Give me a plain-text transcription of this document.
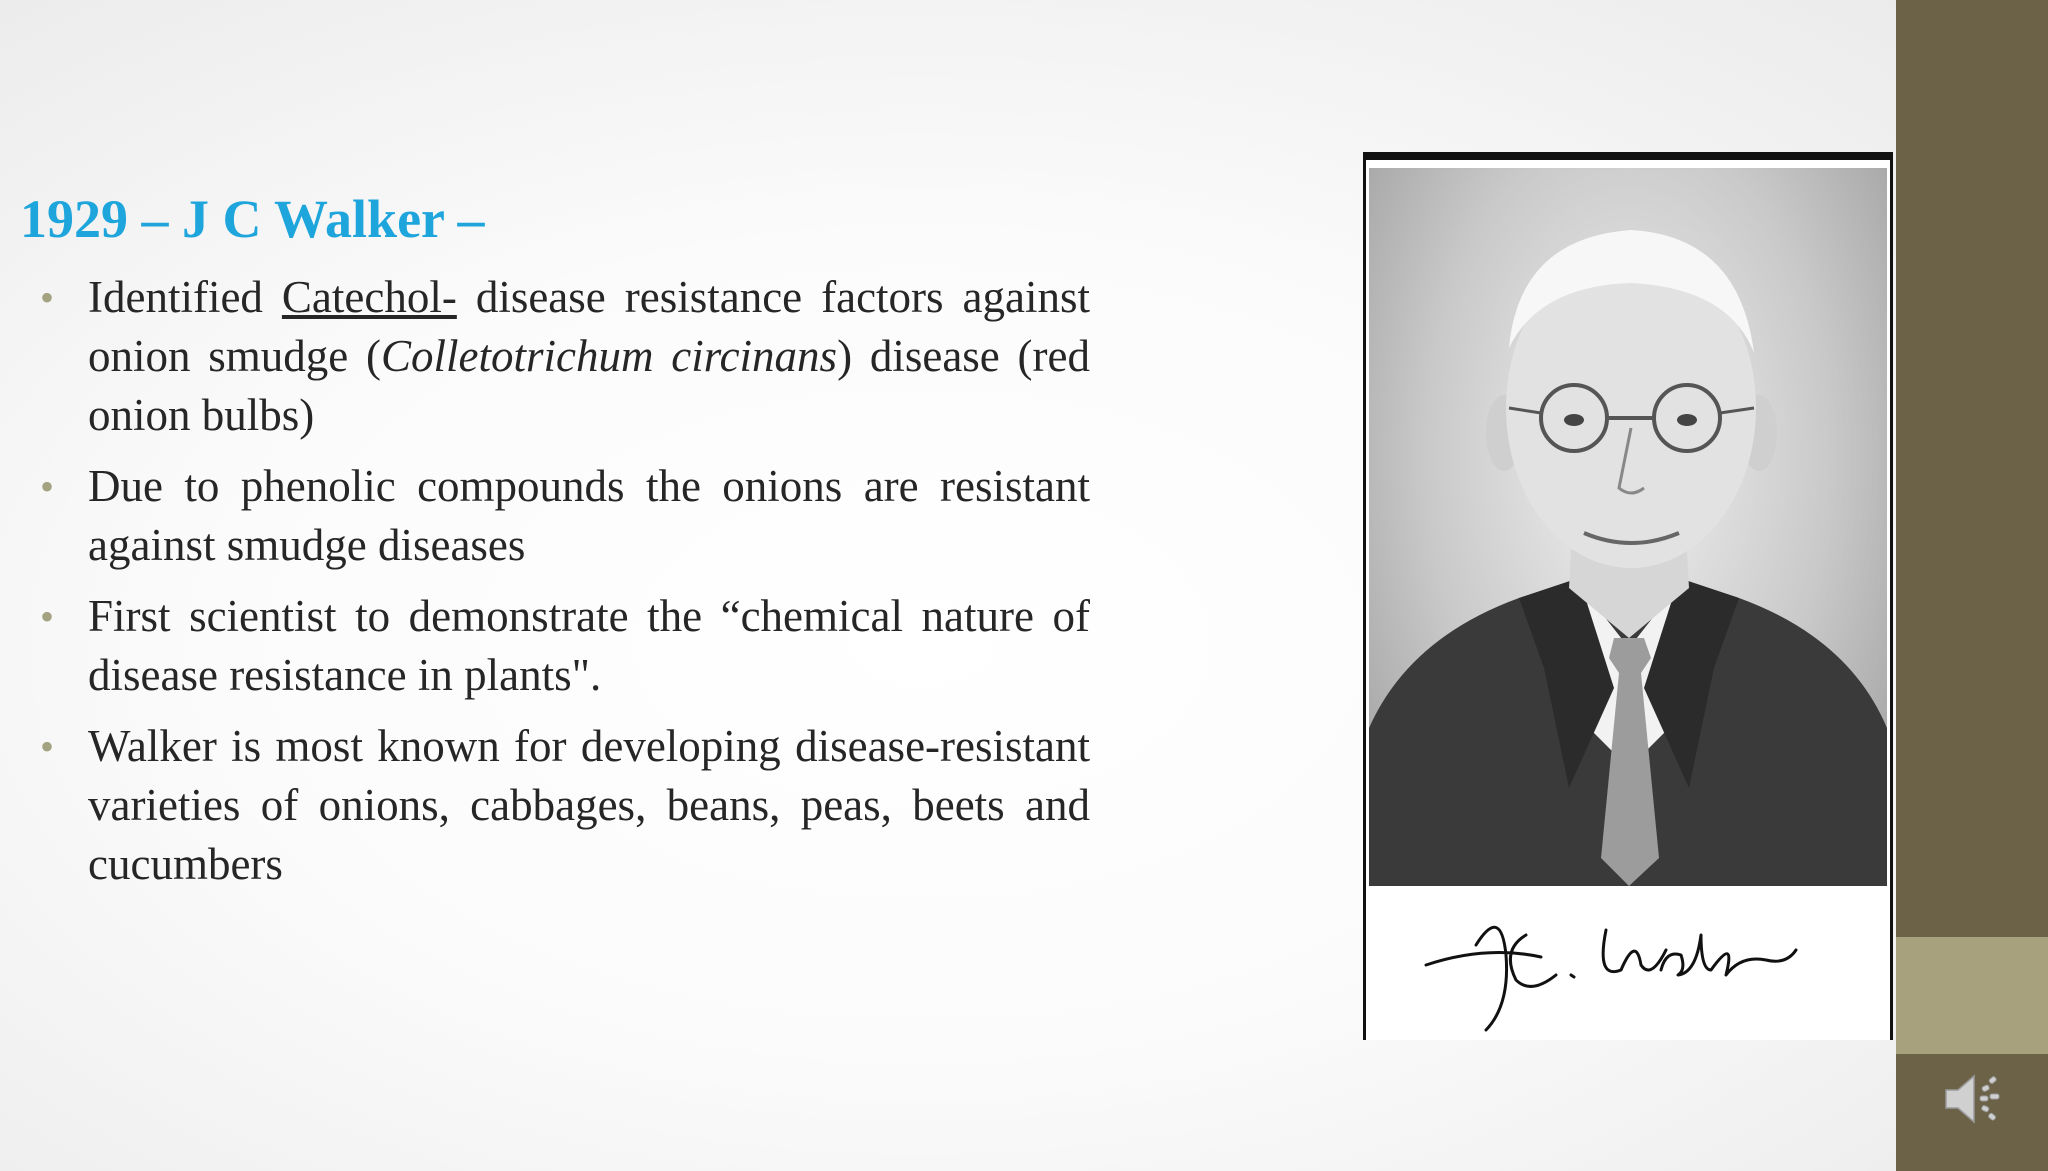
1929 – J C Walker –
• Identified Catechol- disease resistance factors against onion smudge (Colletotrichum circinans) disease (red onion bulbs)
• Due to phenolic compounds the onions are resistant against smudge diseases
• First scientist to demonstrate the “chemical nature of disease resistance in plants".
• Walker is most known for developing disease-resistant varieties of onions, cabbages, beans, peas, beets and cucumbers
